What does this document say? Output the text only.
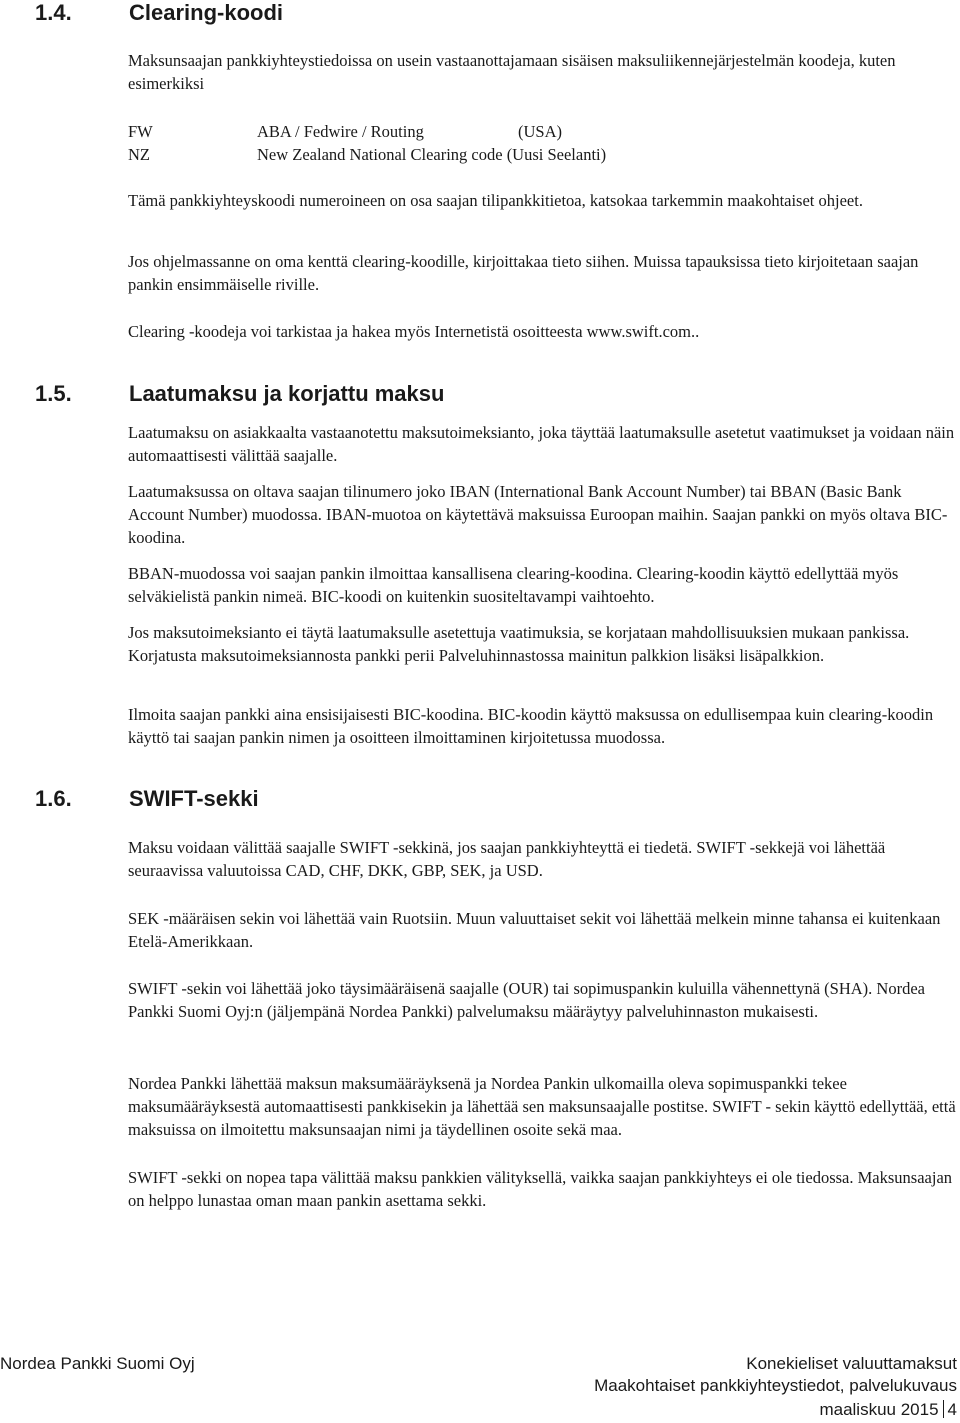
1.4.	Clearing-koodi

Maksunsaajan pankkiyhteystiedoissa on usein vastaanottajamaan sisäisen maksuliikennejärjestelmän koodeja, kuten esimerkiksi

FW	ABA / Fedwire / Routing	(USA)
NZ	New Zealand National Clearing code (Uusi Seelanti)

Tämä pankkiyhteyskoodi numeroineen on osa saajan tilipankkitietoa, katsokaa tarkemmin maakohtaiset ohjeet.

Jos ohjelmassanne on oma kenttä clearing-koodille, kirjoittakaa tieto siihen. Muissa tapauksissa tieto kirjoitetaan saajan pankin ensimmäiselle riville.

Clearing -koodeja voi tarkistaa ja hakea myös Internetistä osoitteesta www.swift.com..

1.5.	Laatumaksu ja korjattu maksu

Laatumaksu on asiakkaalta vastaanotettu maksutoimeksianto, joka täyttää laatumaksulle asetetut vaatimukset ja voidaan näin automaattisesti välittää saajalle.

Laatumaksussa on oltava saajan tilinumero joko IBAN (International Bank Account Number) tai BBAN (Basic Bank Account Number) muodossa. IBAN-muotoa on käytettävä maksuissa Euroopan maihin. Saajan pankki on myös oltava BIC-koodina.

BBAN-muodossa voi saajan pankin ilmoittaa kansallisena clearing-koodina. Clearing-koodin käyttö edellyttää myös selväkielistä pankin nimeä. BIC-koodi on kuitenkin suositeltavampi vaihtoehto.

Jos maksutoimeksianto ei täytä laatumaksulle asetettuja vaatimuksia, se korjataan mahdollisuuksien mukaan pankissa. Korjatusta maksutoimeksiannosta pankki perii Palveluhinnastossa mainitun palkkion lisäksi lisäpalkkion.

Ilmoita saajan pankki aina ensisijaisesti BIC-koodina. BIC-koodin käyttö maksussa on edullisempaa kuin clearing-koodin käyttö tai saajan pankin nimen ja osoitteen ilmoittaminen kirjoitetussa muodossa.

1.6.	SWIFT-sekki

Maksu voidaan välittää saajalle SWIFT -sekkinä, jos saajan pankkiyhteyttä ei tiedetä. SWIFT -sekkejä voi lähettää seuraavissa valuutoissa CAD, CHF, DKK, GBP, SEK, ja USD.

SEK -määräisen sekin voi lähettää vain Ruotsiin. Muun valuuttaiset sekit voi lähettää melkein minne tahansa ei kuitenkaan Etelä-Amerikkaan.

SWIFT -sekin voi lähettää joko täysimääräisenä saajalle (OUR) tai sopimuspankin kuluilla vähennettynä (SHA). Nordea Pankki Suomi Oyj:n (jäljempänä Nordea Pankki) palvelumaksu määräytyy palveluhinnaston mukaisesti.

Nordea Pankki lähettää maksun maksumääräyksenä ja Nordea Pankin ulkomailla oleva sopimuspankki tekee maksumääräyksestä automaattisesti pankkisekin ja lähettää sen maksunsaajalle postitse. SWIFT - sekin käyttö edellyttää, että maksuissa on ilmoitettu maksunsaajan nimi ja täydellinen osoite sekä maa.

SWIFT -sekki on nopea tapa välittää maksu pankkien välityksellä, vaikka saajan pankkiyhteys ei ole tiedossa. Maksunsaajan on helppo lunastaa oman maan pankin asettama sekki.

Nordea Pankki Suomi Oyj	Konekieliset valuuttamaksut
Maakohtaiset pankkiyhteystiedot, palvelukuvaus
maaliskuu 2015 4
